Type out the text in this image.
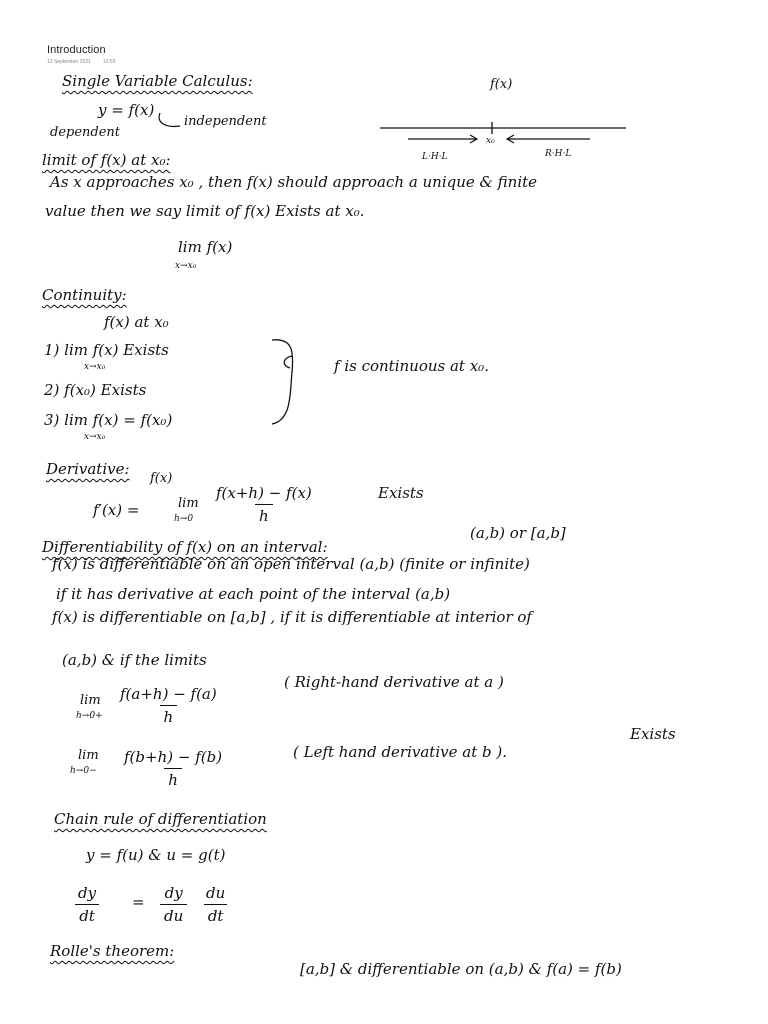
Introduction
13 September 2021 10:55
Single Variable Calculus:
y = f(x)
dependent
independent
f(x)
x₀
L·H·L	R·H·L
limit of f(x) at x₀:
As x approaches x₀ , then f(x) should approach a unique & finite
value then we say limit of f(x) Exists at x₀.
lim f(x)
x→x₀
Continuity:
f(x) at x₀
1) lim f(x) Exists
x→x₀
2) f(x₀) Exists
3) lim f(x) = f(x₀)
x→x₀
f is continuous at x₀.
Derivative:
f(x)
f′(x) =	lim
$h\to 0 \frac{f(x+h) - f(x)}{h}$	Exists
Differentiability of f(x) on an interval:
(a,b) or [a,b]
f(x) is differentiable on an open interval (a,b) (finite or infinite)
if it has derivative at each point of the interval (a,b)
f(x) is differentiable on [a,b] , if it is differentiable at interior of
(a,b) & if the limits
lim
$h\to 0+ \frac{f(a+h) - f(a)}{h}$
( Right-hand derivative at a )
lim
$h\to 0- \frac{f(b+h) - f(b)}{h}$	( Left hand derivative at b ).
Exists
Chain rule of differentiation
y = f(u) & u = g(t)
$\frac{dy}{dt} = \frac{dy}{du} \frac{du}{dt}$
Rolle's theorem:
[a,b] & differentiable on (a,b) & f(a) = f(b)
